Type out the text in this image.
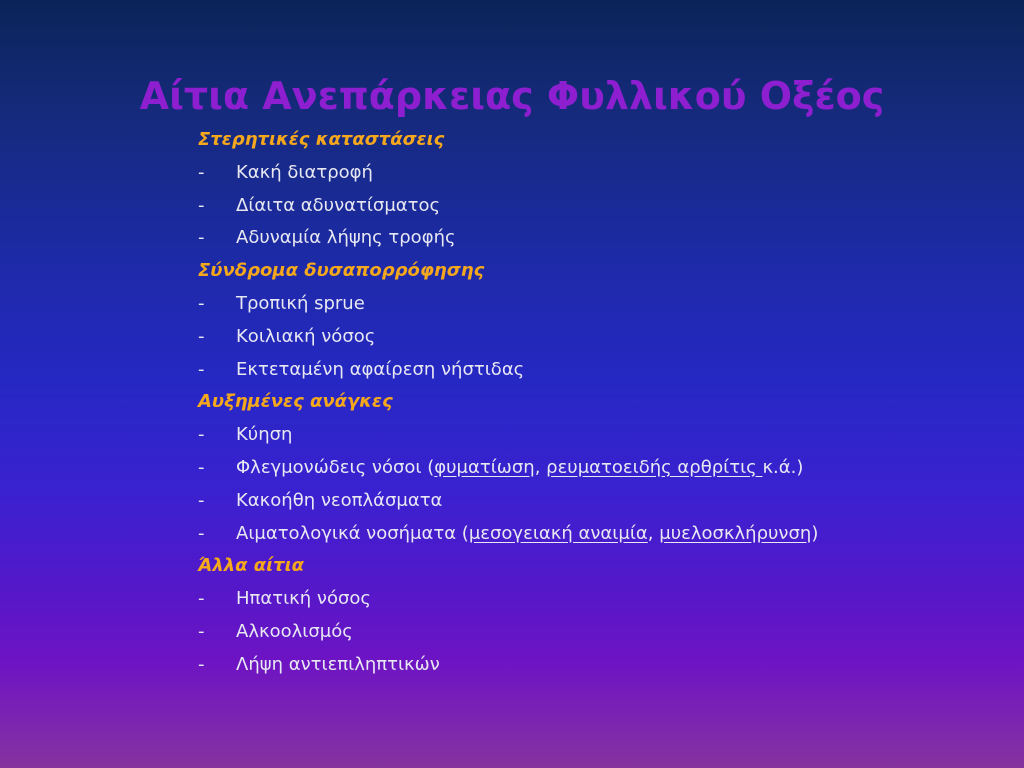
Αίτια Ανεπάρκειας Φυλλικού Οξέος
Στερητικές καταστάσεις
- Κακή διατροφή
- Δίαιτα αδυνατίσματος
- Αδυναμία λήψης τροφής
Σύνδρομα δυσαπορρόφησης
- Τροπική sprue
- Κοιλιακή νόσος
- Εκτεταμένη αφαίρεση νήστιδας
Αυξημένες ανάγκες
- Κύηση
- Φλεγμονώδεις νόσοι (φυματίωση, ρευματοειδής αρθρίτις κ.ά.)
- Κακοήθη νεοπλάσματα
- Αιματολογικά νοσήματα (μεσογειακή αναιμία, μυελοσκλήρυνση)
Άλλα αίτια
- Ηπατική νόσος
- Αλκοολισμός
- Λήψη αντιεπιληπτικών
